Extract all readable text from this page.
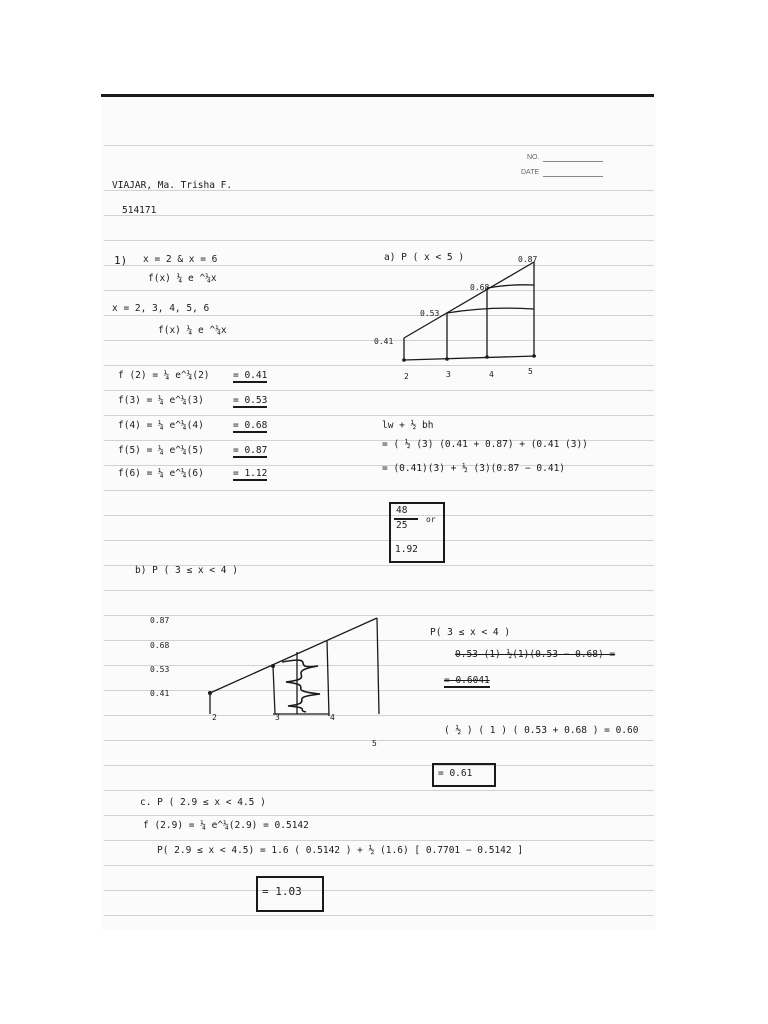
NO.
DATE
VIAJAR, Ma. Trisha F.
514171
1) x = 2 & x = 6
f(x) ¼ e ^¼x
x = 2, 3, 4, 5, 6
f(x) ¼ e ^¼x
f (2) = ¼ e^¼(2) = 0.41
f(3) = ¼ e^¼(3)	= 0.53
f(4) = ¼ e^¼(4)	= 0.68
f(5) = ¼ e^¼(5)	= 0.87
f(6) = ¼ e^¼(6)	= 1.12
a) P ( x < 5 )
0.41
0.53
0.68
0.87
2	3	4	5
lw + ½ bh
= ( ½ (3) (0.41 + 0.87) + (0.41 (3))
= (0.41)(3) + ½ (3)(0.87 − 0.41)
48
25
or
1.92
b) P ( 3 ≤ x < 4 )
0.87
0.68
0.53
0.41
2	3	4
5
P( 3 ≤ x < 4 )
0.53 (1) ½(1)(0.53 − 0.68) =
= 0.6041
( ½ ) ( 1 ) ( 0.53 + 0.68 ) = 0.60
= 0.61
c. P ( 2.9 ≤ x < 4.5 )
f (2.9) = ¼ e^¼(2.9) = 0.5142
P( 2.9 ≤ x < 4.5) = 1.6 ( 0.5142 ) + ½ (1.6) [ 0.7701 − 0.5142 ]
= 1.03
